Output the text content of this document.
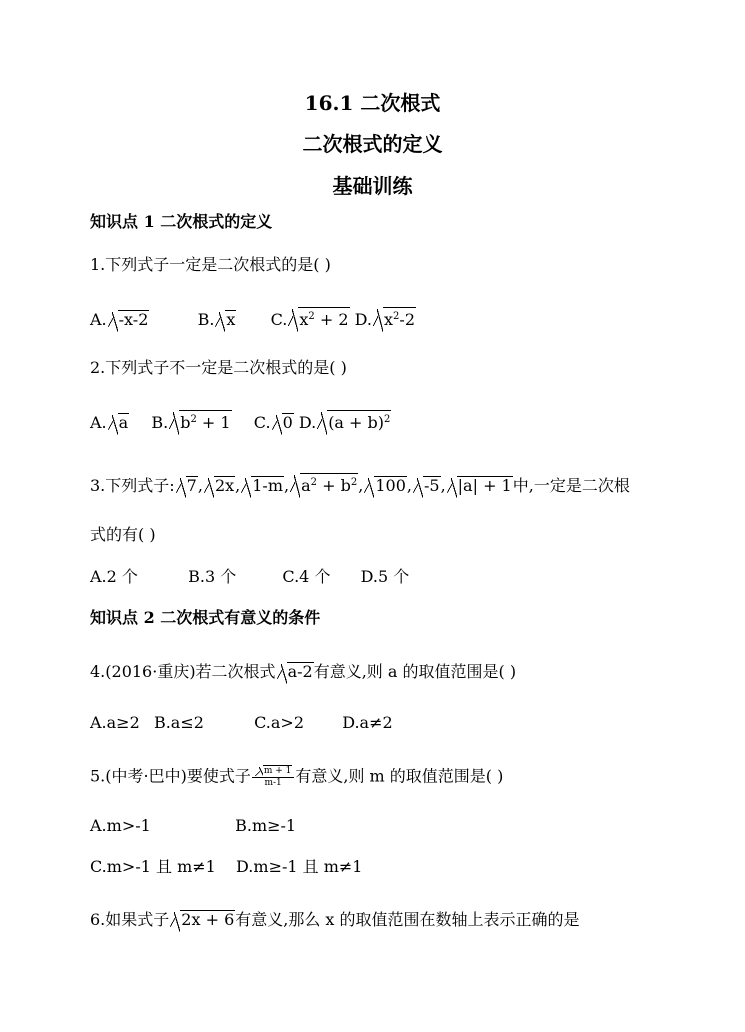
16.1 二次根式
二次根式的定义
基础训练
知识点 1 二次根式的定义
1.下列式子一定是二次根式的是( )
A. -x-2	B. x C. $x^2 + 2$ D. $x^2-2$
2.下列式子不一定是二次根式的是( )
A. a B. $b^2 + 1$ C. 0 D. $(a + b)^2$
3.下列式子: 7, 2x, 1-m, $a^2 + b^2$, 100, -5, |a| + 1中,一定是二次根
式的有( )
A.2 个	B.3 个	C.4 个 D.5 个
知识点 2 二次根式有意义的条件
4.(2016·重庆)若二次根式 a-2有意义,则 a 的取值范围是( )
A.a≥2 B.a≤2	C.a>2 D.a≠2
5.(中考·巴中)要使式子 $\frac{m + 1}{m-1}$ 有意义,则 m 的取值范围是( )
A.m>-1	B.m≥-1
C.m>-1 且 m≠1 D.m≥-1 且 m≠1
6.如果式子 2x + 6有意义,那么 x 的取值范围在数轴上表示正确的是
